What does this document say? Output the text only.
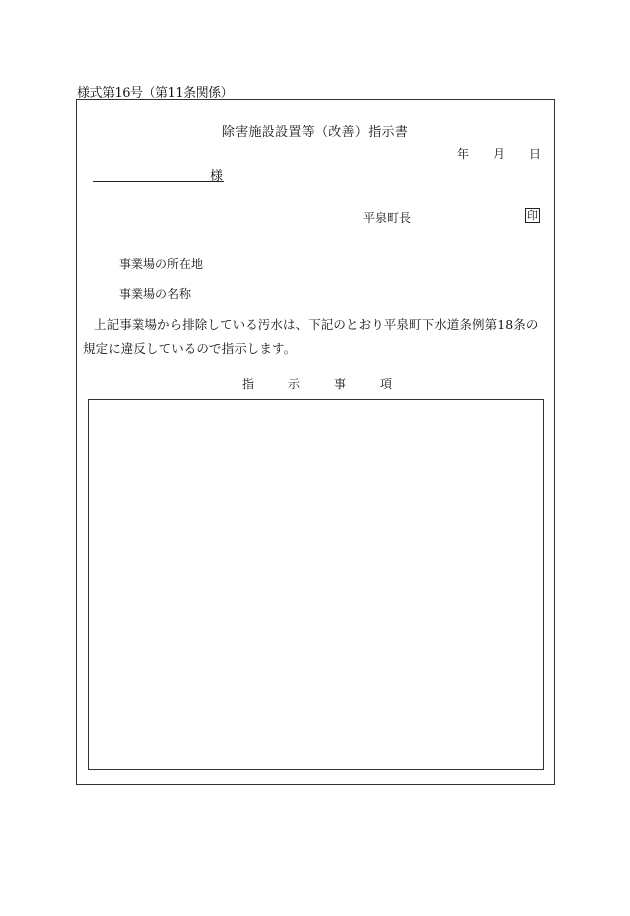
様式第16号（第11条関係）
除害施設設置等（改善）指示書
年 月 日
様
平泉町長	印
事業場の所在地
事業場の名称
上記事業場から排除している汚水は、下記のとおり平泉町下水道条例第18条の規定に違反しているので指示します。
指	示	事	項
